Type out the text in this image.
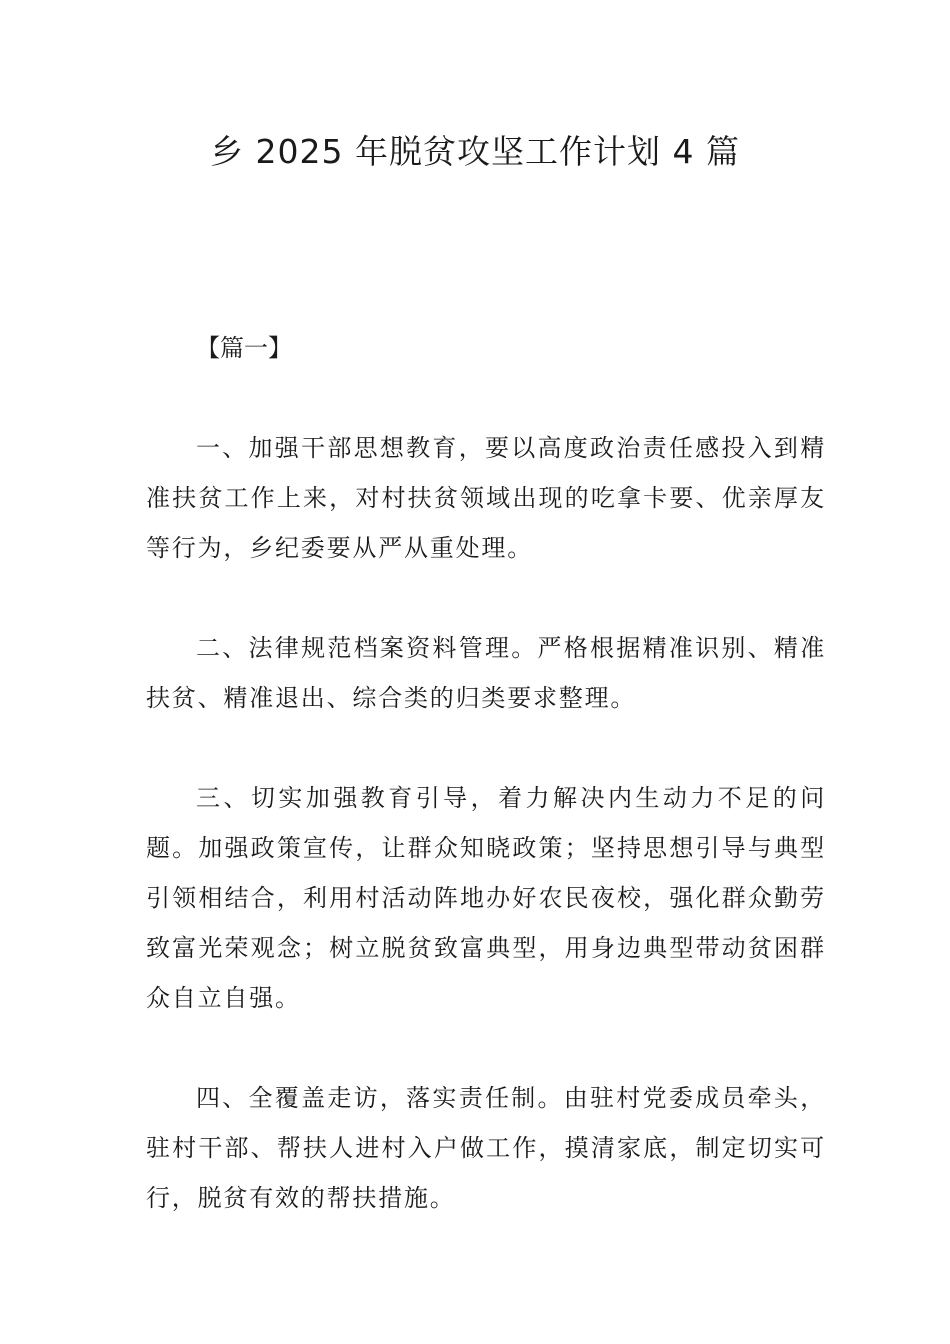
乡 2025 年脱贫攻坚工作计划 4 篇

【篇一】

一、加强干部思想教育，要以高度政治责任感投入到精准扶贫工作上来，对村扶贫领域出现的吃拿卡要、优亲厚友等行为，乡纪委要从严从重处理。

二、法律规范档案资料管理。严格根据精准识别、精准扶贫、精准退出、综合类的归类要求整理。

三、切实加强教育引导，着力解决内生动力不足的问题。加强政策宣传，让群众知晓政策；坚持思想引导与典型引领相结合，利用村活动阵地办好农民夜校，强化群众勤劳致富光荣观念；树立脱贫致富典型，用身边典型带动贫困群众自立自强。

四、全覆盖走访，落实责任制。由驻村党委成员牵头，驻村干部、帮扶人进村入户做工作，摸清家底，制定切实可行，脱贫有效的帮扶措施。
